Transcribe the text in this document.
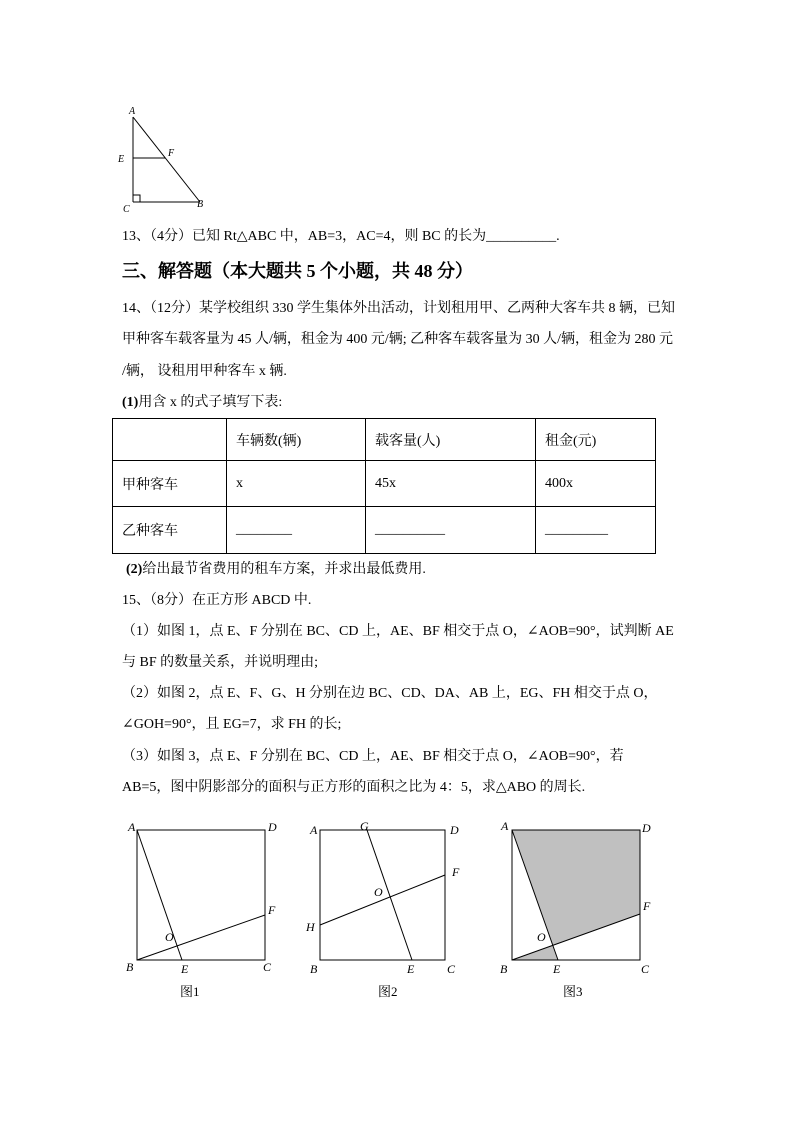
A
E
F
C	B
13、（4分）已知 Rt△ABC 中，AB=3，AC=4，则 BC 的长为__________.
三、解答题（本大题共 5 个小题，共 48 分）
14、（12分）某学校组织 330 学生集体外出活动，计划租用甲、乙两种大客车共 8 辆，已知
甲种客车载客量为 45 人/辆，租金为 400 元/辆; 乙种客车载客量为 30 人/辆，租金为 280 元
/辆， 设租用甲种客车 x 辆.
(1)用含 x 的式子填写下表:
	车辆数(辆)	载客量(人)	租金(元)
甲种客车	x	45x	400x
乙种客车	________	__________	_________
(2)给出最节省费用的租车方案，并求出最低费用.
15、（8分）在正方形 ABCD 中.
（1）如图 1，点 E、F 分别在 BC、CD 上，AE、BF 相交于点 O，∠AOB=90°，试判断 AE
与 BF 的数量关系，并说明理由;
（2）如图 2，点 E、F、G、H 分别在边 BC、CD、DA、AB 上，EG、FH 相交于点 O，
∠GOH=90°，且 EG=7，求 FH 的长;
（3）如图 3，点 E、F 分别在 BC、CD 上，AE、BF 相交于点 O，∠AOB=90°，若
AB=5，图中阴影部分的面积与正方形的面积之比为 4：5，求△ABO 的周长.
A	D
B	C
E
F
O
图1
A	G	D
F
H
O
B	E	C
图2
A	D
F
O
B	E	C
图3
